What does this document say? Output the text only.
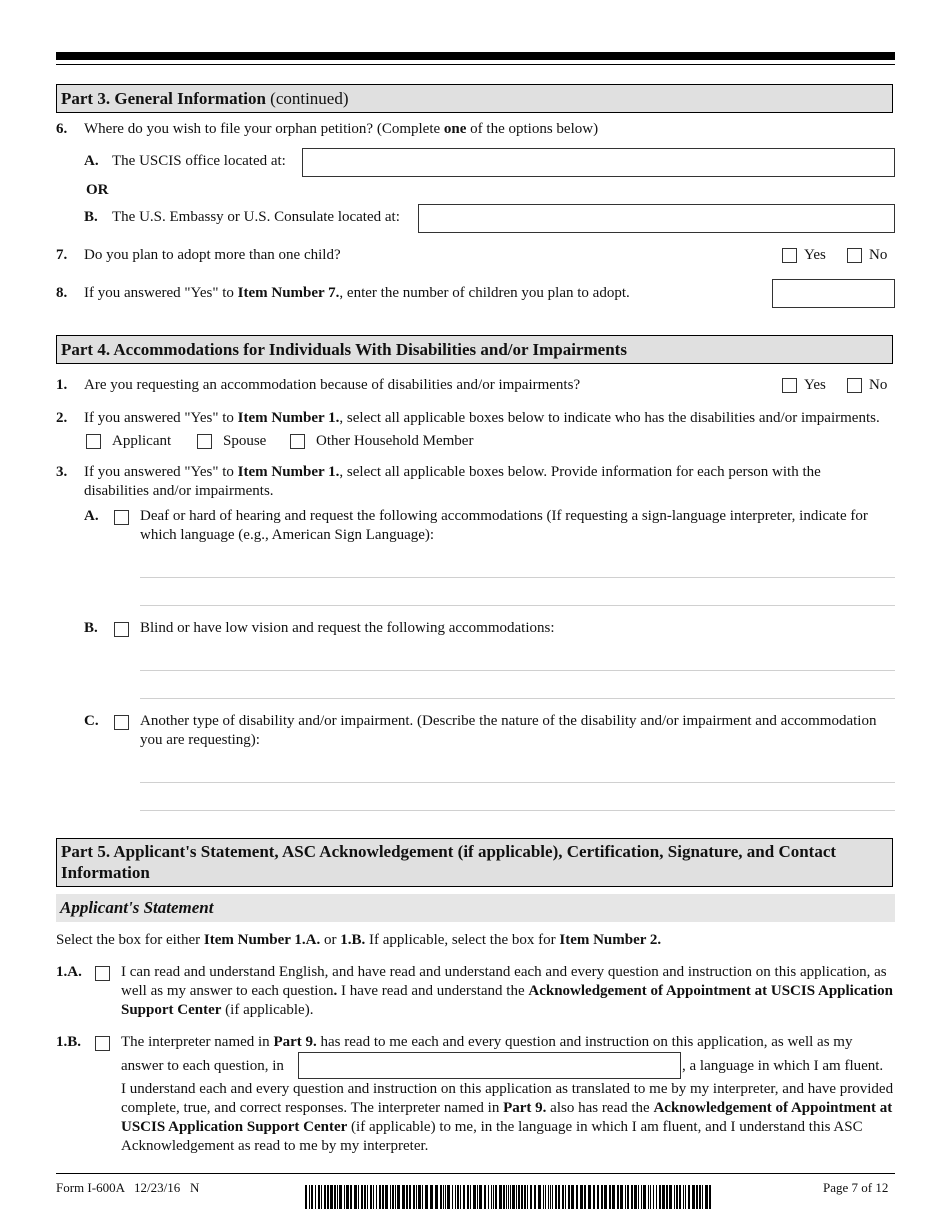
Part 3. General Information (continued)
6. Where do you wish to file your orphan petition? (Complete one of the options below)
A. The USCIS office located at:
OR
B. The U.S. Embassy or U.S. Consulate located at:
7. Do you plan to adopt more than one child?	Yes	No
8. If you answered "Yes" to Item Number 7., enter the number of children you plan to adopt.
Part 4. Accommodations for Individuals With Disabilities and/or Impairments
1. Are you requesting an accommodation because of disabilities and/or impairments?	Yes	No
2. If you answered "Yes" to Item Number 1., select all applicable boxes below to indicate who has the disabilities and/or impairments.
Applicant	Spouse	Other Household Member
3. If you answered "Yes" to Item Number 1., select all applicable boxes below. Provide information for each person with the disabilities and/or impairments.
A.	Deaf or hard of hearing and request the following accommodations (If requesting a sign-language interpreter, indicate for which language (e.g., American Sign Language):
B.	Blind or have low vision and request the following accommodations:
C.	Another type of disability and/or impairment. (Describe the nature of the disability and/or impairment and accommodation you are requesting):
Part 5. Applicant's Statement, ASC Acknowledgement (if applicable), Certification, Signature, and Contact Information
Applicant's Statement
Select the box for either Item Number 1.A. or 1.B. If applicable, select the box for Item Number 2.
1.A.	I can read and understand English, and have read and understand each and every question and instruction on this application, as well as my answer to each question. I have read and understand the Acknowledgement of Appointment at USCIS Application Support Center (if applicable).
1.B.	The interpreter named in Part 9. has read to me each and every question and instruction on this application, as well as my
answer to each question, in	, a language in which I am fluent.
I understand each and every question and instruction on this application as translated to me by my interpreter, and have provided complete, true, and correct responses. The interpreter named in Part 9. also has read the Acknowledgement of Appointment at USCIS Application Support Center (if applicable) to me, in the language in which I am fluent, and I understand this ASC Acknowledgement as read to me by my interpreter.
Form I-600A   12/23/16   N	Page 7 of 12
